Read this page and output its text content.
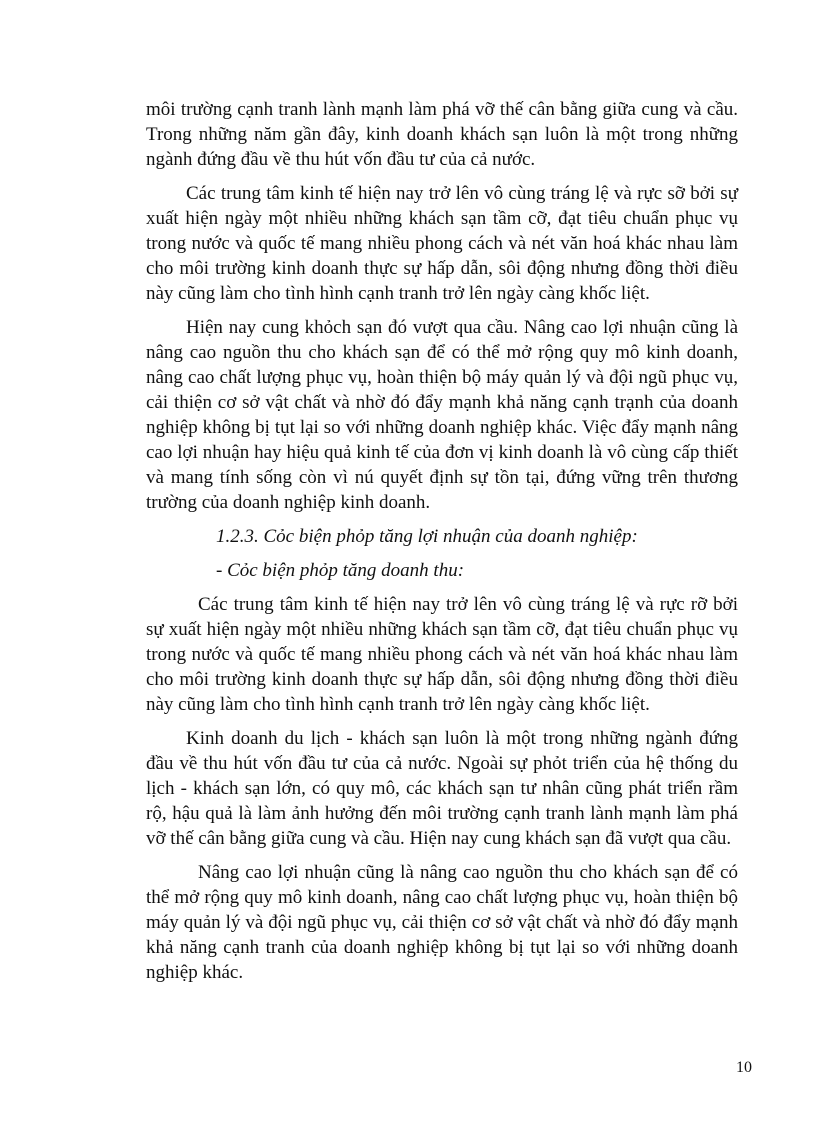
môi trường cạnh tranh lành mạnh làm phá vỡ thế cân bằng giữa cung và cầu. Trong những năm gần đây, kinh doanh khách sạn luôn là một trong những ngành đứng đầu về thu hút vốn đầu tư của cả nước.

Các trung tâm kinh tế hiện nay trở lên vô cùng tráng lệ và rực sỡ bởi sự xuất hiện ngày một nhiều những khách sạn tầm cỡ, đạt tiêu chuẩn phục vụ trong nước và quốc tế mang nhiều phong cách và nét văn hoá khác nhau làm cho môi trường kinh doanh thực sự hấp dẫn, sôi động nhưng đồng thời điều này cũng làm cho tình hình cạnh tranh trở lên ngày càng khốc liệt.

Hiện nay cung khỏch sạn đó vượt qua cầu. Nâng cao lợi nhuận cũng là nâng cao nguồn thu cho khách sạn để có thể mở rộng quy mô kinh doanh, nâng cao chất lượng phục vụ, hoàn thiện bộ máy quản lý và đội ngũ phục vụ, cải thiện cơ sở vật chất và nhờ đó đẩy mạnh khả năng cạnh trạnh của doanh nghiệp không bị tụt lại so với những doanh nghiệp khác. Việc đẩy mạnh nâng cao lợi nhuận hay hiệu quả kinh tế của đơn vị kinh doanh là vô cùng cấp thiết và mang tính sống còn vì nú quyết định sự tồn tại, đứng vững trên thương trường của doanh nghiệp kinh doanh.

1.2.3. Cỏc biện phỏp tăng lợi nhuận của doanh nghiệp:

- Cỏc biện phỏp tăng doanh thu:

Các trung tâm kinh tế hiện nay trở lên vô cùng tráng lệ và rực rỡ bởi sự xuất hiện ngày một nhiều những khách sạn tầm cỡ, đạt tiêu chuẩn phục vụ trong nước và quốc tế mang nhiều phong cách và nét văn hoá khác nhau làm cho môi trường kinh doanh thực sự hấp dẫn, sôi động nhưng đồng thời điều này cũng làm cho tình hình cạnh tranh trở lên ngày càng khốc liệt.

Kinh doanh du lịch - khách sạn luôn là một trong những ngành đứng đầu về thu hút vốn đầu tư của cả nước. Ngoài sự phỏt triển của hệ thống du lịch - khách sạn lớn, có quy mô, các khách sạn tư nhân cũng phát triển rầm rộ, hậu quả là làm ảnh hưởng đến môi trường cạnh tranh lành mạnh làm phá vỡ thế cân bằng giữa cung và cầu. Hiện nay cung khách sạn đã vượt qua cầu.

Nâng cao lợi nhuận cũng là nâng cao nguồn thu cho khách sạn để có thể mở rộng quy mô kinh doanh, nâng cao chất lượng phục vụ, hoàn thiện bộ máy quản lý và đội ngũ phục vụ, cải thiện cơ sở vật chất và nhờ đó đẩy mạnh khả năng cạnh tranh của doanh nghiệp không bị tụt lại so với những doanh nghiệp khác.

10
